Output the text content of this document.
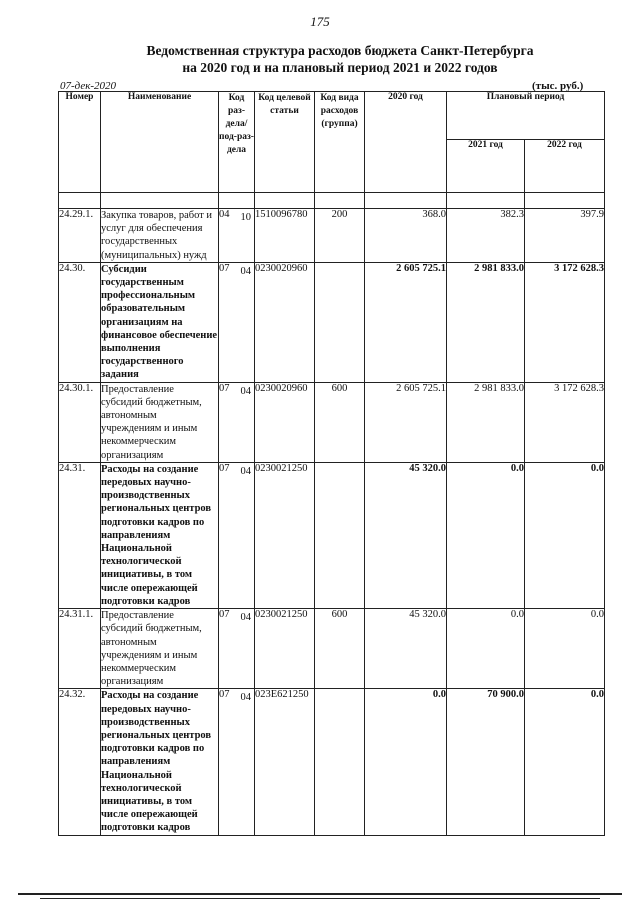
175
Ведомственная структура расходов бюджета Санкт-Петербурга
на 2020 год и на плановый период 2021 и 2022 годов
07-дек-2020	(тыс. руб.)
Номер	Наименование	Код раз-дела/ под-раз-дела	Код целевой статьи	Код вида расходов (группа)	2020 год	Плановый период	
						2021 год	2022 год

24.29.1.	Закупка товаров, работ и услуг для обеспечения государственных (муниципальных) нужд	04 10	1510096780	200	368.0	382.3	397.9
24.30.	Субсидии государственным профессиональным образовательным организациям на финансовое обеспечение выполнения государственного задания	07 04	0230020960		2 605 725.1	2 981 833.0	3 172 628.3
24.30.1.	Предоставление субсидий бюджетным, автономным учреждениям и иным некоммерческим организациям	07 04	0230020960	600	2 605 725.1	2 981 833.0	3 172 628.3
24.31.	Расходы на создание передовых научно-производственных региональных центров подготовки кадров по направлениям Национальной технологической инициативы, в том числе опережающей подготовки кадров	07 04	0230021250		45 320.0	0.0	0.0
24.31.1.	Предоставление субсидий бюджетным, автономным учреждениям и иным некоммерческим организациям	07 04	0230021250	600	45 320.0	0.0	0.0
24.32.	Расходы на создание передовых научно-производственных региональных центров подготовки кадров по направлениям Национальной технологической инициативы, в том числе опережающей подготовки кадров	07 04	023E621250		0.0	70 900.0	0.0
